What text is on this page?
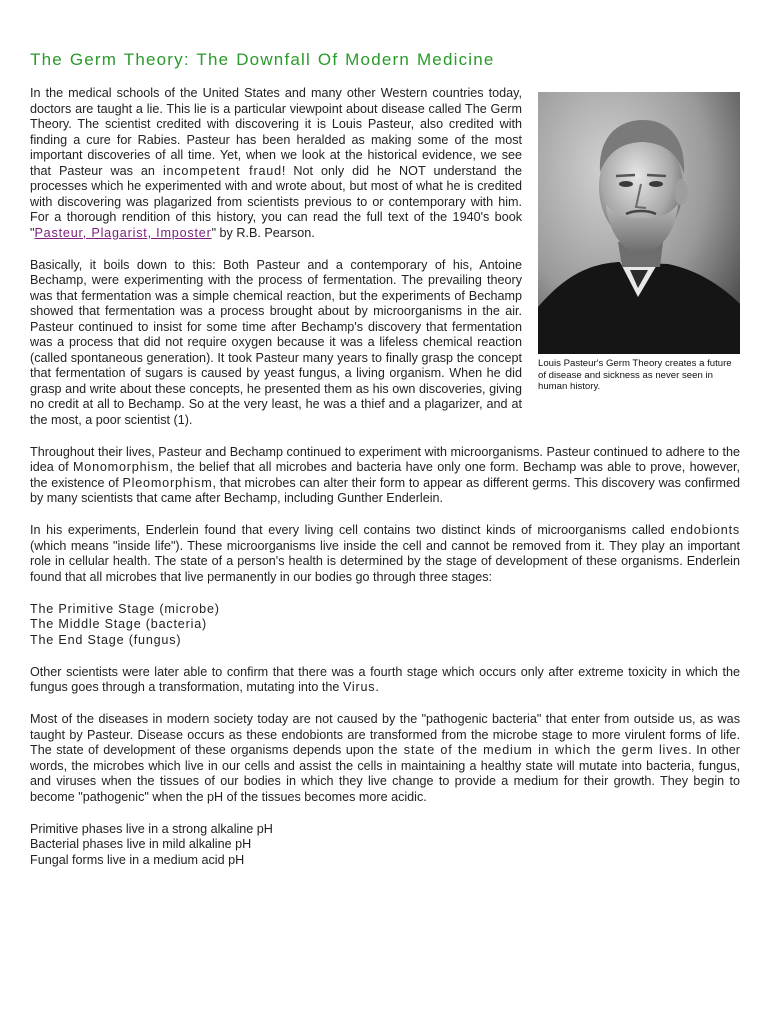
The Germ Theory: The Downfall Of Modern Medicine
Louis Pasteur's Germ Theory creates a future of disease and sickness as never seen in human history.

In the medical schools of the United States and many other Western countries today, doctors are taught a lie. This lie is a particular viewpoint about disease called The Germ Theory. The scientist credited with discovering it is Louis Pasteur, also credited with finding a cure for Rabies. Pasteur has been heralded as making some of the most important discoveries of all time. Yet, when we look at the historical evidence, we see that Pasteur was an incompetent fraud! Not only did he NOT understand the processes which he experimented with and wrote about, but most of what he is credited with discovering was plagarized from scientists previous to or contemporary with him. For a thorough rendition of this history, you can read the full text of the 1940's book "Pasteur, Plagarist, Imposter" by R.B. Pearson.

Basically, it boils down to this: Both Pasteur and a contemporary of his, Antoine Bechamp, were experimenting with the process of fermentation. The prevailing theory was that fermentation was a simple chemical reaction, but the experiments of Bechamp showed that fermentation was a process brought about by microorganisms in the air. Pasteur continued to insist for some time after Bechamp's discovery that fermentation was a process that did not require oxygen because it was a lifeless chemical reaction (called spontaneous generation). It took Pasteur many years to finally grasp the concept that fermentation of sugars is caused by yeast fungus, a living organism. When he did grasp and write about these concepts, he presented them as his own discoveries, giving no credit at all to Bechamp. So at the very least, he was a thief and a plagarizer, and at the most, a poor scientist (1).

Throughout their lives, Pasteur and Bechamp continued to experiment with microorganisms. Pasteur continued to adhere to the idea of Monomorphism, the belief that all microbes and bacteria have only one form. Bechamp was able to prove, however, the existence of Pleomorphism, that microbes can alter their form to appear as different germs. This discovery was confirmed by many scientists that came after Bechamp, including Gunther Enderlein.

In his experiments, Enderlein found that every living cell contains two distinct kinds of microorganisms called endobionts (which means "inside life"). These microorganisms live inside the cell and cannot be removed from it. They play an important role in cellular health. The state of a person's health is determined by the stage of development of these organisms. Enderlein found that all microbes that live permanently in our bodies go through three stages:

The Primitive Stage (microbe)
The Middle Stage (bacteria)
The End Stage (fungus)

Other scientists were later able to confirm that there was a fourth stage which occurs only after extreme toxicity in which the fungus goes through a transformation, mutating into the Virus.

Most of the diseases in modern society today are not caused by the "pathogenic bacteria" that enter from outside us, as was taught by Pasteur. Disease occurs as these endobionts are transformed from the microbe stage to more virulent forms of life. The state of development of these organisms depends upon the state of the medium in which the germ lives. In other words, the microbes which live in our cells and assist the cells in maintaining a healthy state will mutate into bacteria, fungus, and viruses when the tissues of our bodies in which they live change to provide a medium for their growth. They begin to become "pathogenic" when the pH of the tissues becomes more acidic.

Primitive phases live in a strong alkaline pH
Bacterial phases live in mild alkaline pH
Fungal forms live in a medium acid pH
